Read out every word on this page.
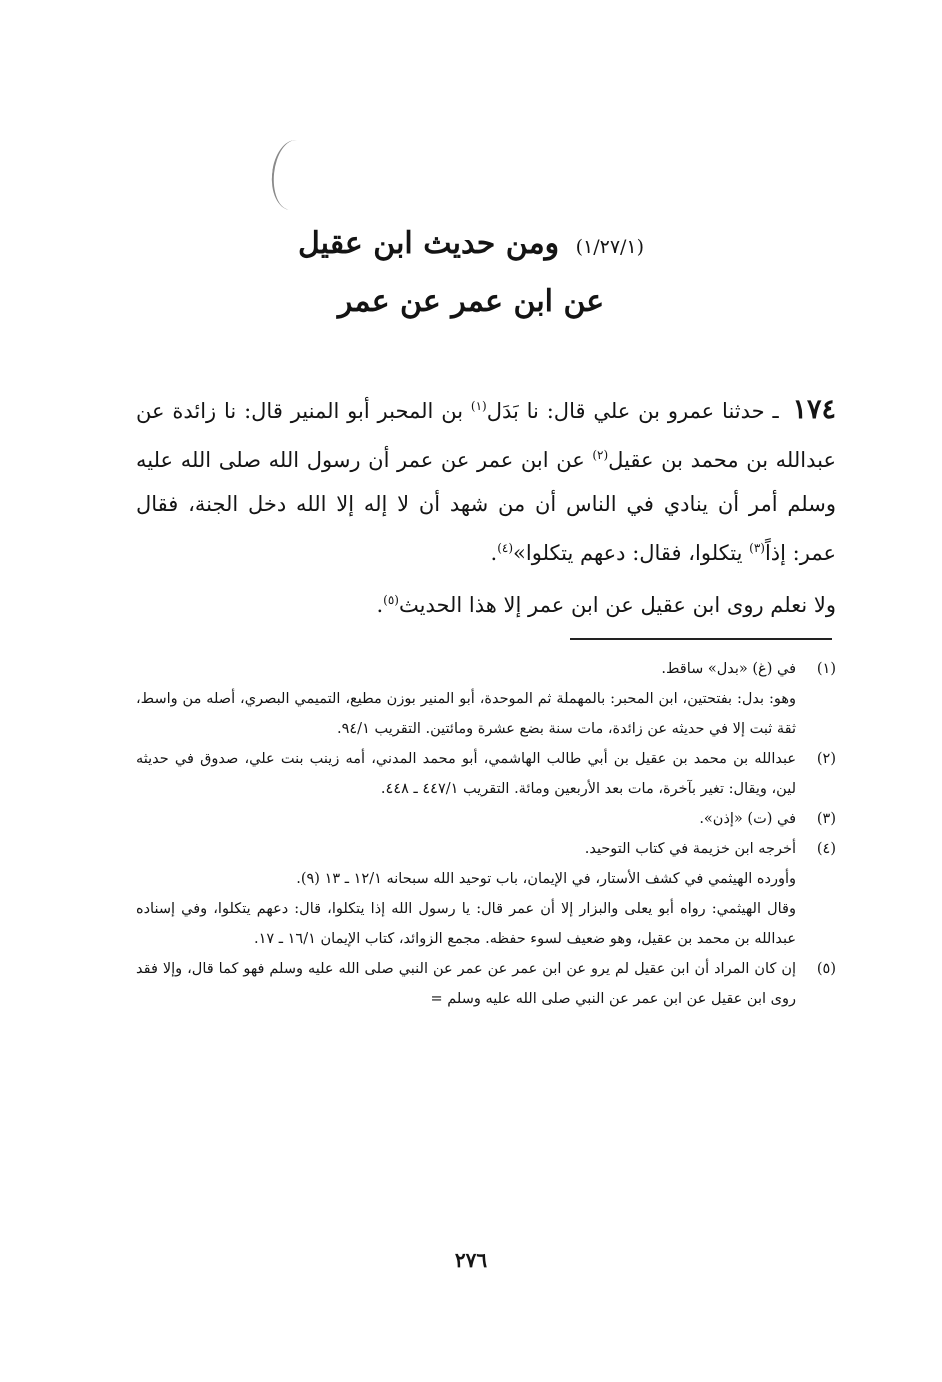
(١/٢٧/١) ومن حديث ابن عقيل
عن ابن عمر عن عمر
١٧٤ ـ حدثنا عمرو بن علي قال: نا بَدَل$^{(١)}$ بن المحبر أبو المنير قال: نا زائدة عن عبدالله بن محمد بن عقيل$^{(٢)}$ عن ابن عمر عن عمر أن رسول الله صلى الله عليه وسلم أمر أن ينادي في الناس أن من شهد أن لا إله إلا الله دخل الجنة، فقال عمر: إذاً$^{(٣)}$ يتكلوا، فقال: دعهم يتكلوا»$^{(٤)}$.
ولا نعلم روى ابن عقيل عن ابن عمر إلا هذا الحديث$^{(٥)}$.
(١)

في (غ) «بدل» ساقط.

وهو: بدل: بفتحتين، ابن المحبر: بالمهملة ثم الموحدة، أبو المنير بوزن مطيع، التميمي البصري، أصله من واسط، ثقة ثبت إلا في حديثه عن زائدة، مات سنة بضع عشرة ومائتين. التقريب ٩٤/١.

(٢)

عبدالله بن محمد بن عقيل بن أبي طالب الهاشمي، أبو محمد المدني، أمه زينب بنت علي، صدوق في حديثه لين، ويقال: تغير بآخرة، مات بعد الأربعين ومائة. التقريب ٤٤٧/١ ـ ٤٤٨.

(٣)

في (ت) «إذن».

(٤)

أخرجه ابن خزيمة في كتاب التوحيد.

وأورده الهيثمي في كشف الأستار، في الإيمان، باب توحيد الله سبحانه ١٢/١ ـ ١٣ (٩).

وقال الهيثمي: رواه أبو يعلى والبزار إلا أن عمر قال: يا رسول الله إذا يتكلوا، قال: دعهم يتكلوا، وفي إسناده عبدالله بن محمد بن عقيل، وهو ضعيف لسوء حفظه. مجمع الزوائد، كتاب الإيمان ١٦/١ ـ ١٧.

(٥)

إن كان المراد أن ابن عقيل لم يرو عن ابن عمر عن عمر عن النبي صلى الله عليه وسلم فهو كما قال، وإلا فقد روى ابن عقيل عن ابن عمر عن النبي صلى الله عليه وسلم =

٢٧٦
